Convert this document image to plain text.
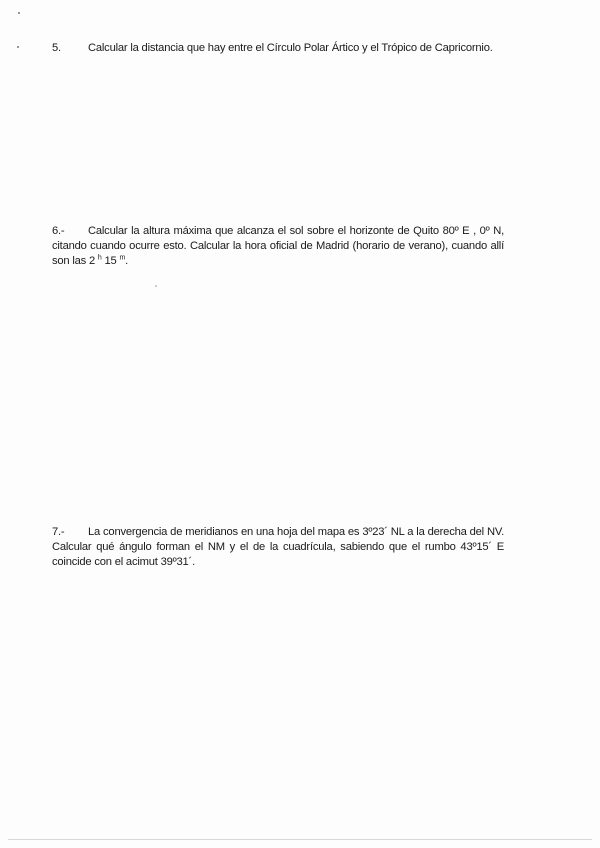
5. Calcular la distancia que hay entre el Círculo Polar Ártico y el Trópico de Capricornio.
6.- Calcular la altura máxima que alcanza el sol sobre el horizonte de Quito 80º E , 0º N, citando cuando ocurre esto. Calcular la hora oficial de Madrid (horario de verano), cuando allí son las 2 $^h$ 15 $^m$.
7.- La convergencia de meridianos en una hoja del mapa es 3º23´ NL a la derecha del NV. Calcular qué ángulo forman el NM y el de la cuadrícula, sabiendo que el rumbo 43º15´ E coincide con el acimut 39º31´.
